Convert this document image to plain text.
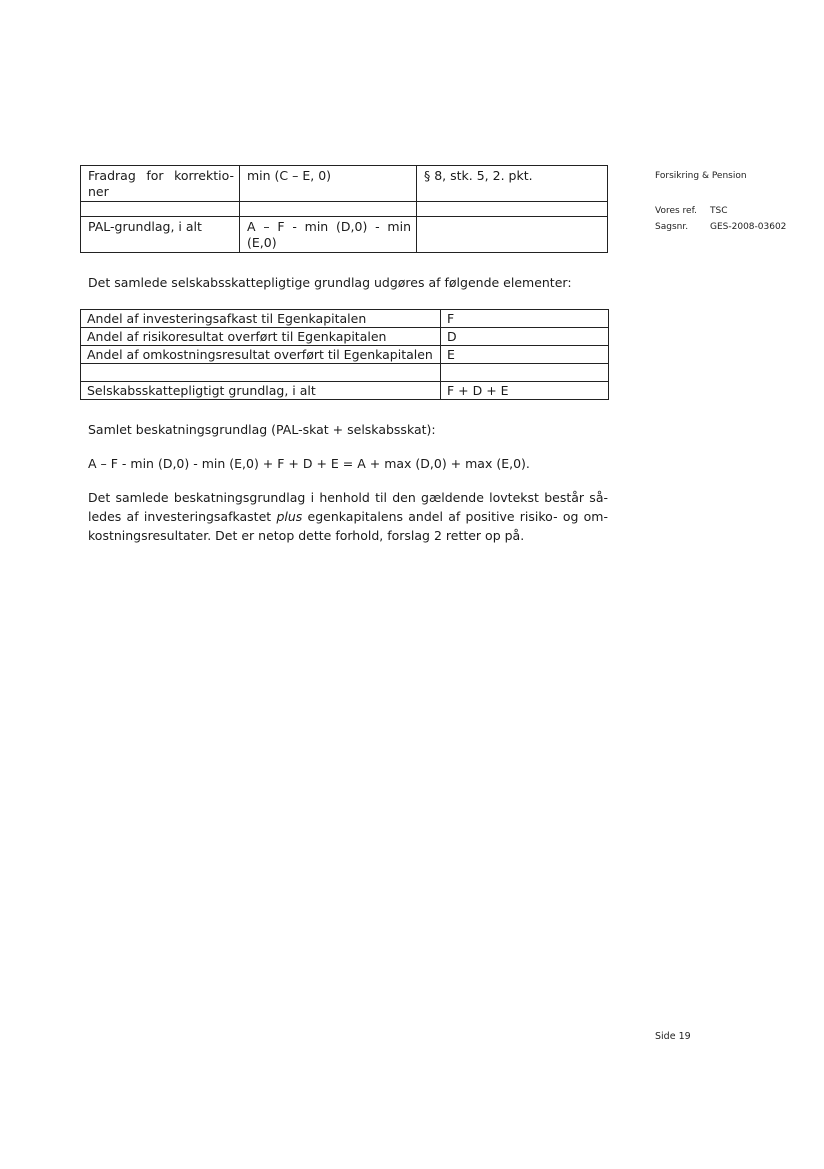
Fradrag for korrektio-
ner	min (C – E, 0)	§ 8, stk. 5, 2. pkt.

PAL-grundlag, i alt	A – F - min (D,0) - min
(E,0)	

Det samlede selskabsskattepligtige grundlag udgøres af følgende elementer:

Andel af investeringsafkast til Egenkapitalen	F
Andel af risikoresultat overført til Egenkapitalen	D
Andel af omkostningsresultat overført til Egenkapitalen	E

Selskabsskattepligtigt grundlag, i alt	F + D + E

Samlet beskatningsgrundlag (PAL-skat + selskabsskat):

A – F - min (D,0) - min (E,0) + F + D + E = A + max (D,0) + max (E,0).

Det samlede beskatningsgrundlag i henhold til den gældende lovtekst består så-
ledes af investeringsafkastet plus egenkapitalens andel af positive risiko- og om-
kostningsresultater. Det er netop dette forhold, forslag 2 retter op på.

Forsikring & Pension
Vores ref. TSC
Sagsnr. GES-2008-03602
Side 19
